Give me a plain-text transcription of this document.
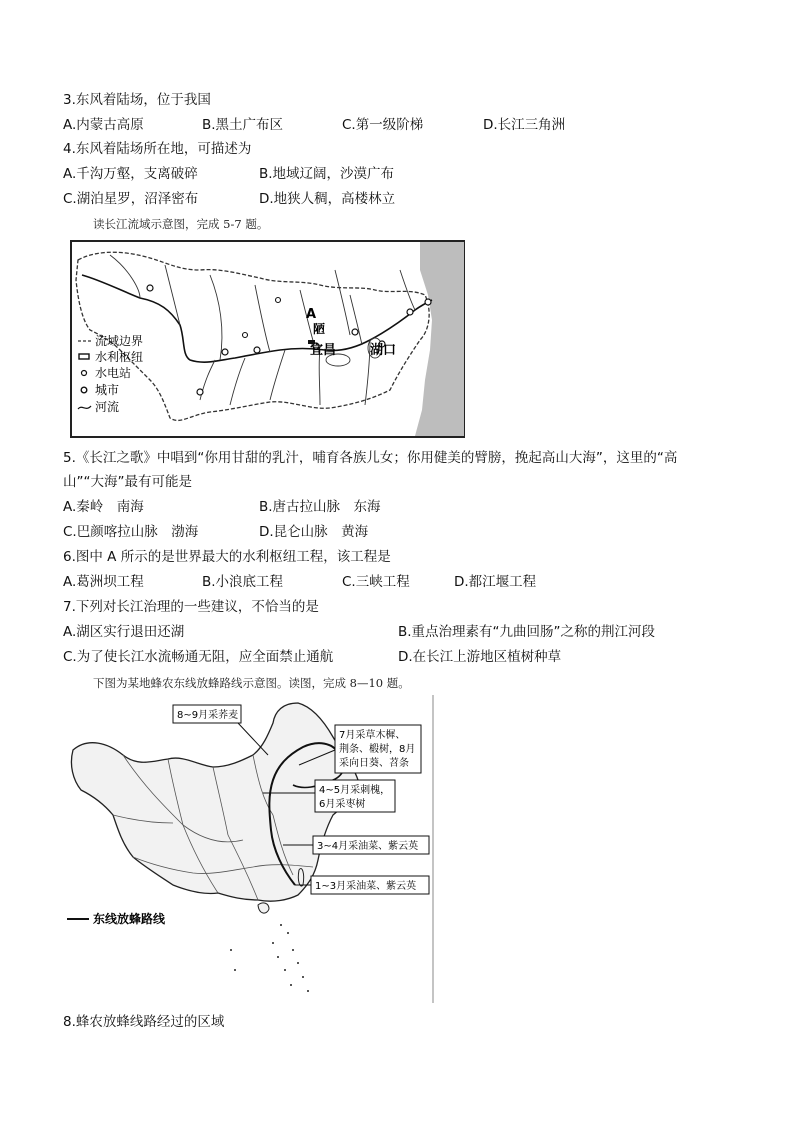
3.东风着陆场，位于我国
A.内蒙古高原	B.黑土广布区	C.第一级阶梯	D.长江三角洲
4.东风着陆场所在地，可描述为
A.千沟万壑，支离破碎	B.地域辽阔，沙漠广布
C.湖泊星罗，沼泽密布	D.地狭人稠，高楼林立
读长江流域示意图，完成 5-7 题。
A
陋
宜昌	湖口
流域边界
水利枢纽
水电站
城市
河流
5.《长江之歌》中唱到“你用甘甜的乳汁，哺育各族儿女；你用健美的臂膀，挽起高山大海”，这里的“高
山”“大海”最有可能是
A.秦岭　南海	B.唐古拉山脉　东海
C.巴颜喀拉山脉　渤海	D.昆仑山脉　黄海
6.图中 A 所示的是世界最大的水利枢纽工程，该工程是
A.葛洲坝工程	B.小浪底工程	C.三峡工程	D.都江堰工程
7.下列对长江治理的一些建议，不恰当的是
A.湖区实行退田还湖	B.重点治理素有“九曲回肠”之称的荆江河段
C.为了使长江水流畅通无阻，应全面禁止通航	D.在长江上游地区植树种草
下图为某地蜂农东线放蜂路线示意图。读图，完成 8—10 题。
8~9月采荞麦
7月采草木樨、
荆条、椴树，8月
采向日葵、苕条
4~5月采刺槐，
6月采枣树
3~4月采油菜、紫云英
1~3月采油菜、紫云英
东线放蜂路线
8.蜂农放蜂线路经过的区域
